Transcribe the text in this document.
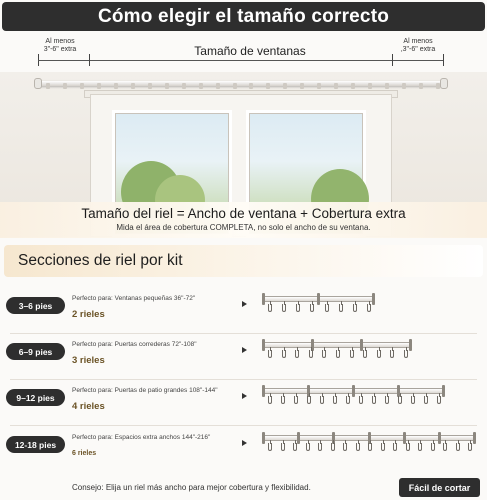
Cómo elegir el tamaño correcto
Al menos
3"-6" extra	Tamaño de ventanas
Al menos
,3"-6" extra
Tamaño del riel = Ancho de ventana + Cobertura extra
Mida el área de cobertura COMPLETA, no solo el ancho de su ventana.
Secciones de riel por kit
3–6 pies
Perfecto para: Ventanas pequeñas 36"-72"
2 rieles
6–9 pies
Perfecto para: Puertas correderas 72"-108"
3 rieles
9–12 pies
Perfecto para: Puertas de patio grandes 108"-144"
4 rieles
12-18 pies
Perfecto para: Espacios extra anchos 144"-216"
6 rieles
Consejo: Elija un riel más ancho para mejor cobertura y flexibilidad.	Fácil de cortar
